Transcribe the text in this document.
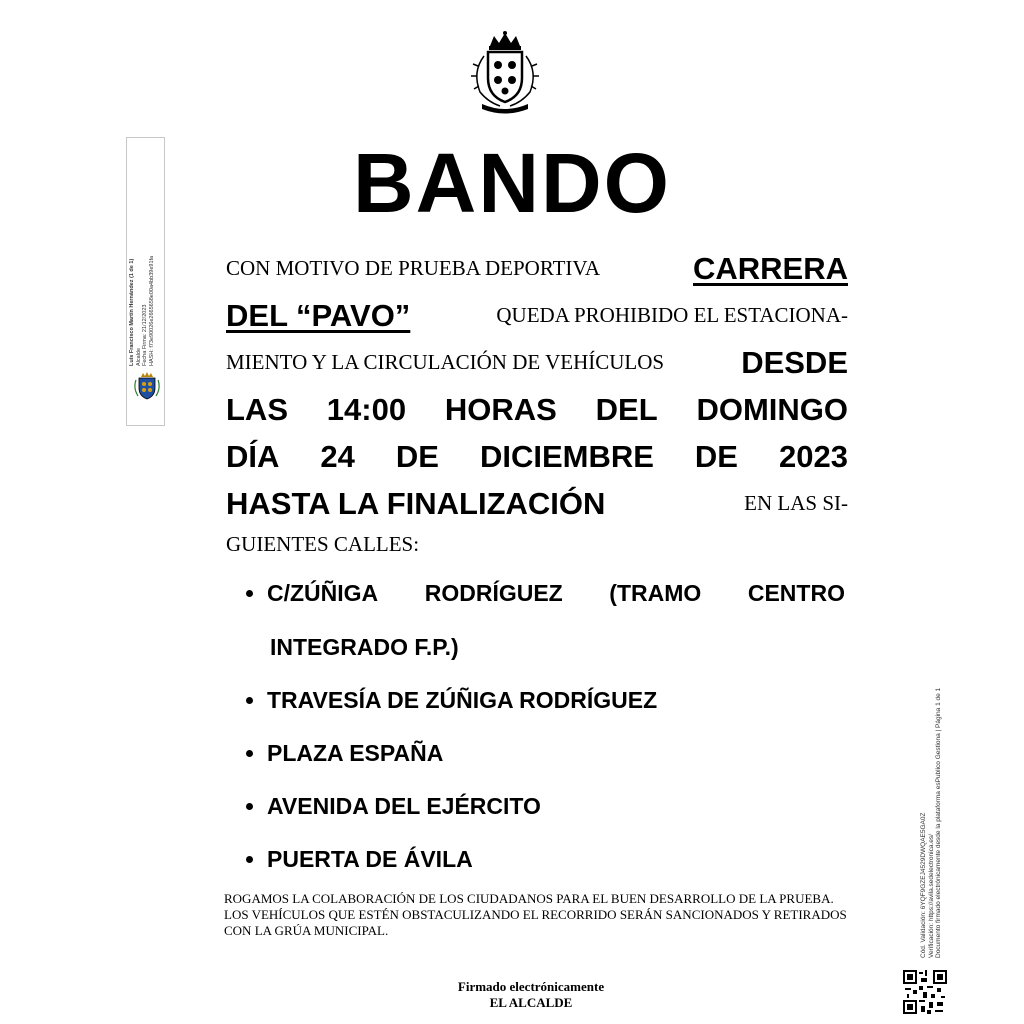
BANDO
CON MOTIVO DE PRUEBA DEPORTIVA	CARRERA
DEL “PAVO”	QUEDA PROHIBIDO EL ESTACIONA-
MIENTO Y LA CIRCULACIÓN DE VEHÍCULOS DESDE
LAS 14:00 HORAS DEL DOMINGO
DÍA 24 DE DICIEMBRE DE 2023
HASTA LA FINALIZACIÓN	EN LAS SI-
GUIENTES CALLES:
C/ZÚÑIGA RODRÍGUEZ (TRAMO CENTRO
INTEGRADO F.P.)
TRAVESÍA DE ZÚÑIGA RODRÍGUEZ
PLAZA ESPAÑA
AVENIDA DEL EJÉRCITO
PUERTA DE ÁVILA

ROGAMOS LA COLABORACIÓN DE LOS CIUDADANOS PARA EL BUEN DESARROLLO DE LA PRUEBA.

LOS VEHÍCULOS QUE ESTÉN OBSTACULIZANDO EL RECORRIDO SERÁN SANCIONADOS Y RETIRADOS CON LA GRÚA MUNICIPAL.

Firmado electrónicamente
EL ALCALDE
Luis Francisco Martín Hernández (1 de 1) Alcalde Fecha Firma: 21/12/2023 HASH: f73e90026e2665658e00a4bb39e91fa
Cód. Validación: 6YQF9GZEJ4529DWQAE5GA0Z Verificación: https://avila.sedelectronica.es/ Documento firmado electrónicamente desde la plataforma esPublico Gestiona | Página 1 de 1
